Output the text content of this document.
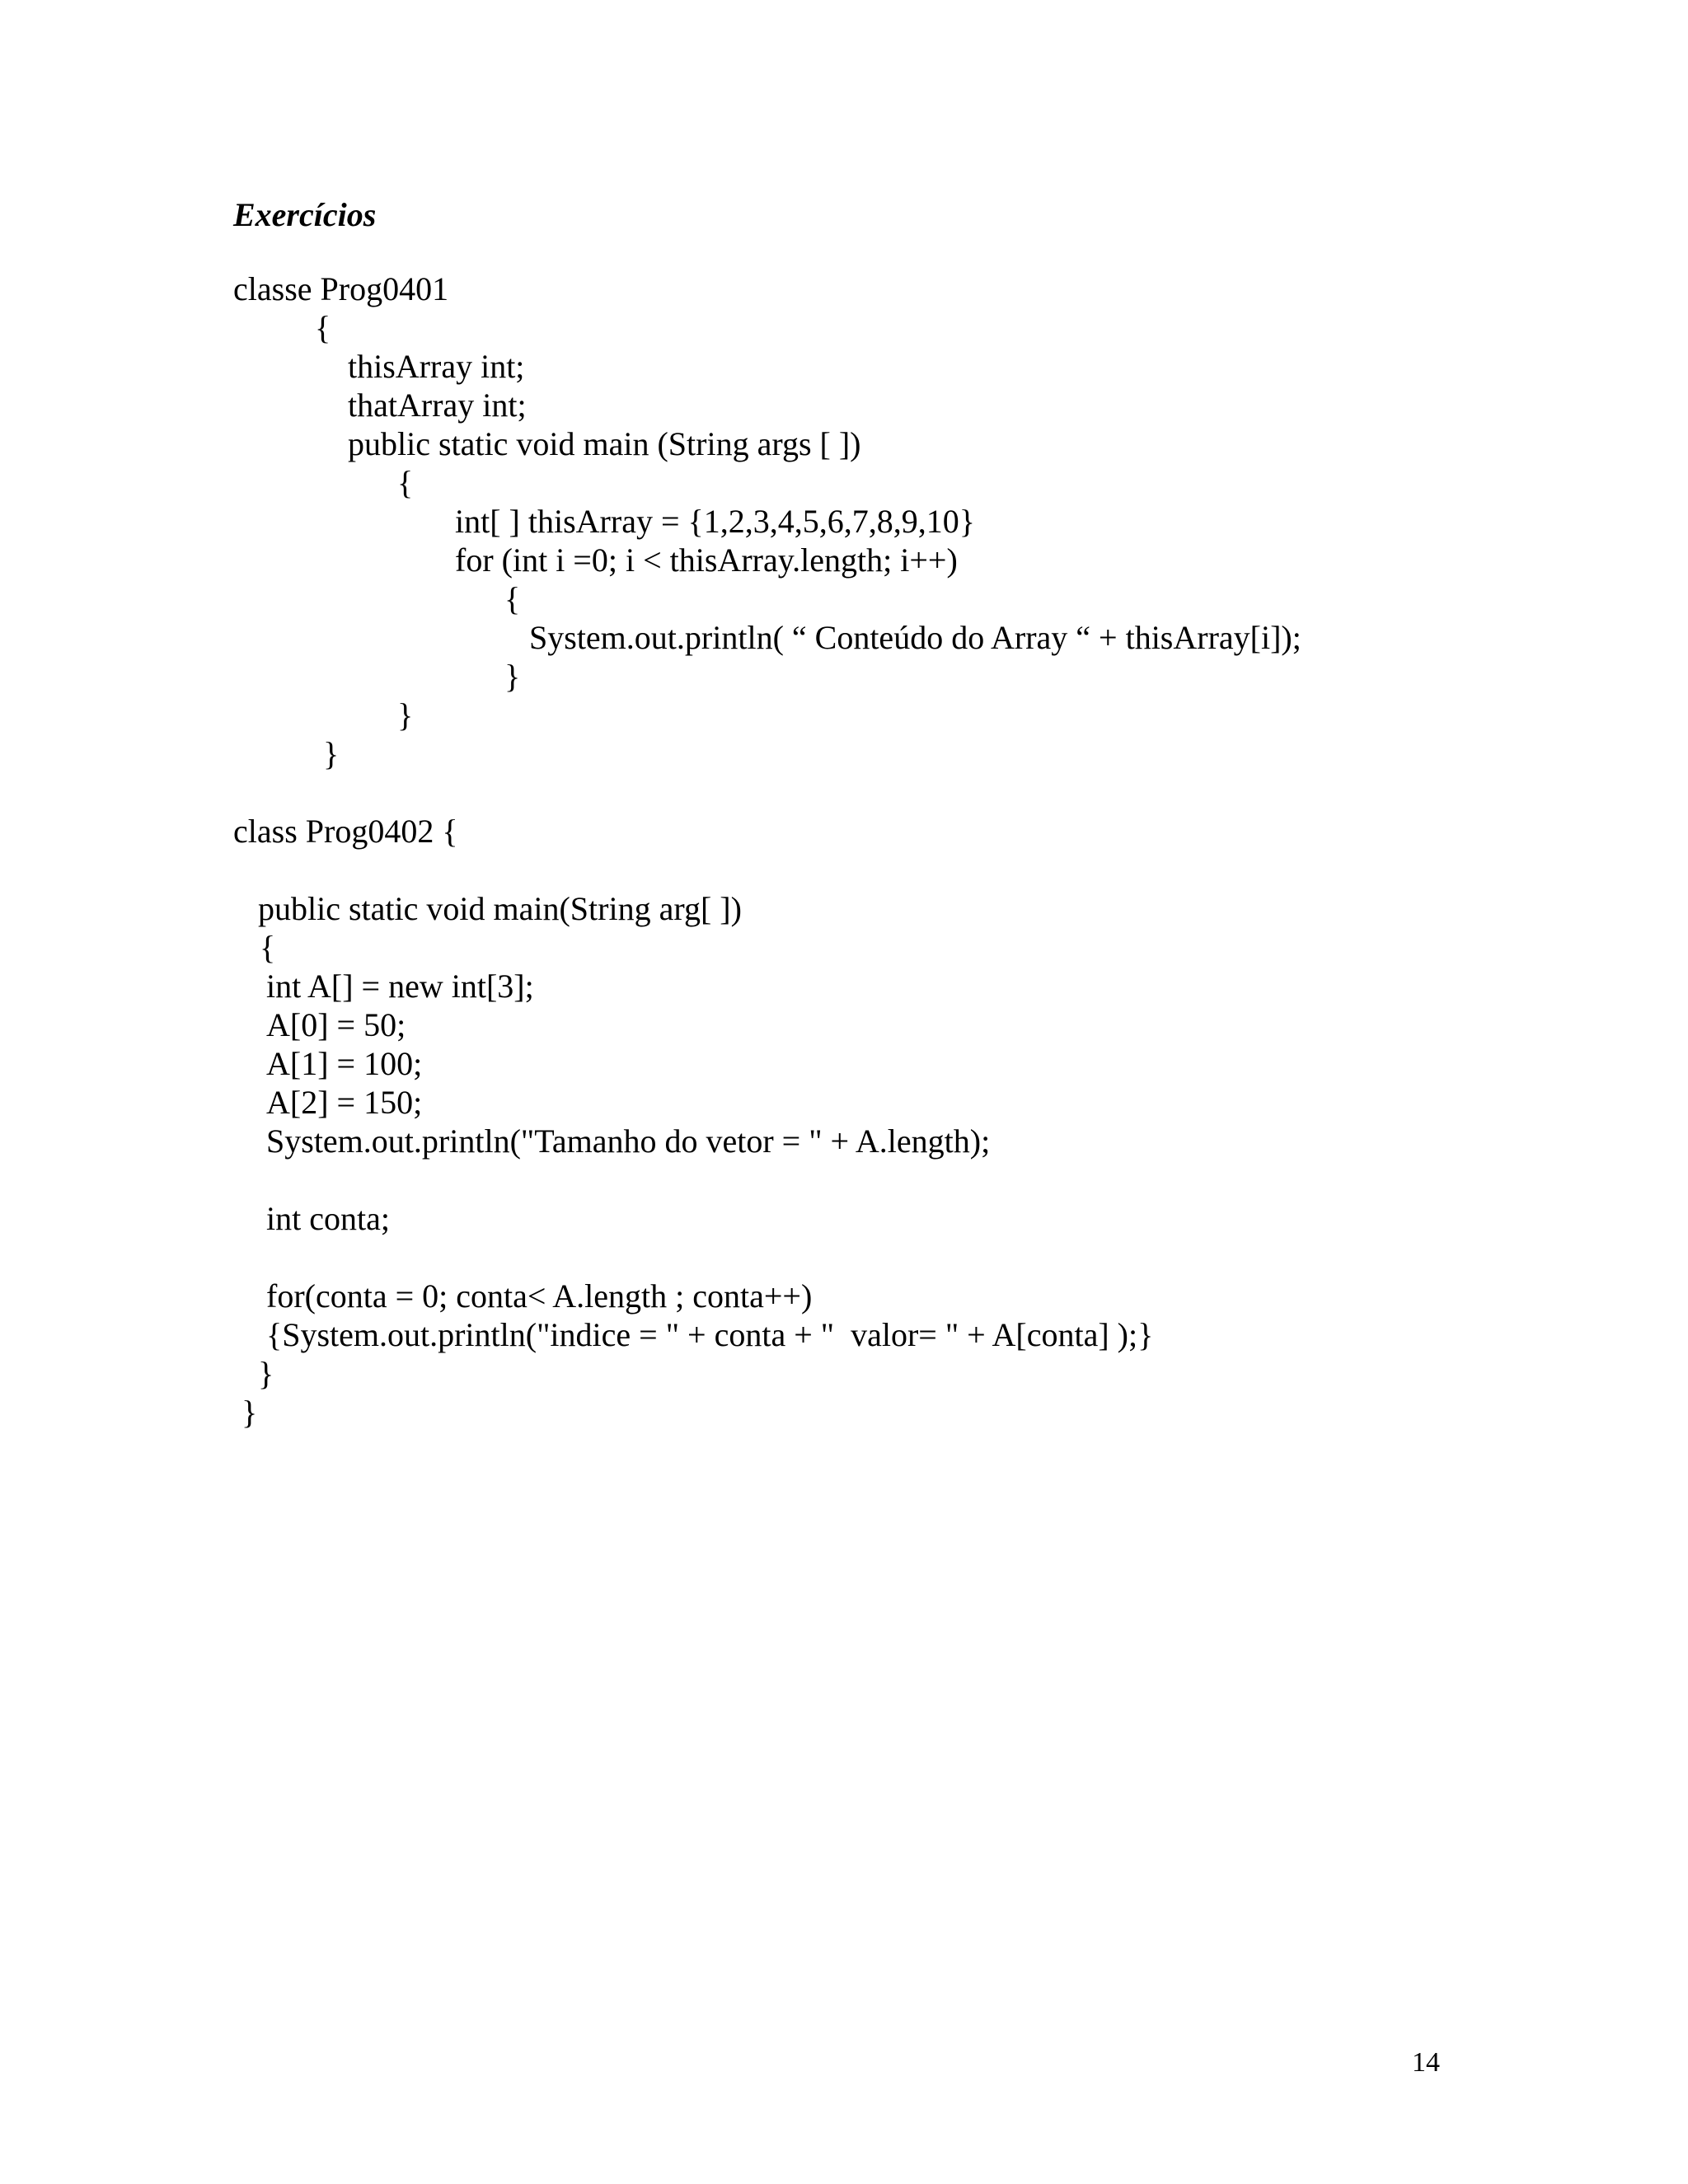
Exercícios
classe Prog0401
{
thisArray int;
thatArray int;
public static void main (String args [ ])
{
int[ ] thisArray = {1,2,3,4,5,6,7,8,9,10}
for (int i =0; i < thisArray.length; i++)
{
System.out.println( “ Conteúdo do Array “ + thisArray[i]);
}
}
}
class Prog0402 {
public static void main(String arg[ ])
{
int A[] = new int[3];
A[0] = 50;
A[1] = 100;
A[2] = 150;
System.out.println("Tamanho do vetor = " + A.length);
int conta;
for(conta = 0; conta< A.length ; conta++)
{System.out.println("indice = " + conta + "  valor= " + A[conta] );}
}
}
14
